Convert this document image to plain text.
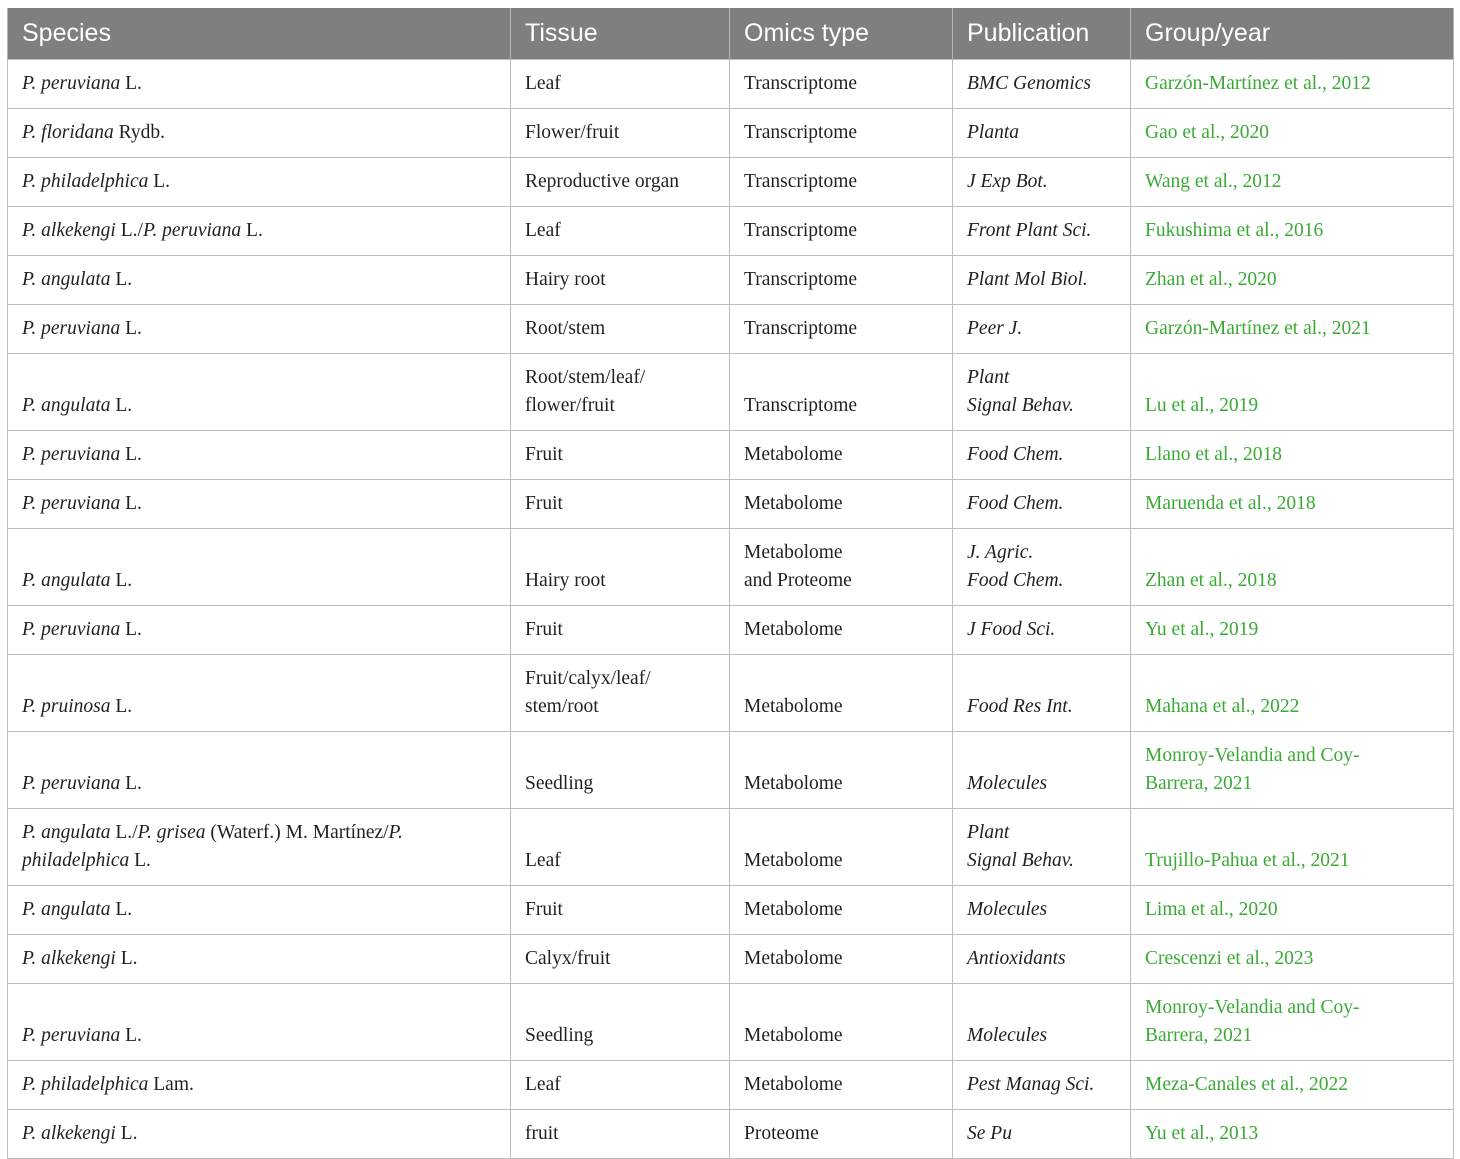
Species	Tissue	Omics type	Publication	Group/year
P. peruviana L.	Leaf	Transcriptome	BMC Genomics	Garzón-Martínez et al., 2012

P. floridana Rydb.	Flower/fruit	Transcriptome	Planta	Gao et al., 2020

P. philadelphica L.	Reproductive organ	Transcriptome	J Exp Bot.	Wang et al., 2012

P. alkekengi L./P. peruviana L.	Leaf	Transcriptome	Front Plant Sci.	Fukushima et al., 2016

P. angulata L.	Hairy root	Transcriptome	Plant Mol Biol.	Zhan et al., 2020

P. peruviana L.	Root/stem	Transcriptome	Peer J.	Garzón-Martínez et al., 2021

P. angulata L.	Root/stem/leaf/
flower/fruit	Transcriptome	Plant
Signal Behav.	Lu et al., 2019

P. peruviana L.	Fruit	Metabolome	Food Chem.	Llano et al., 2018

P. peruviana L.	Fruit	Metabolome	Food Chem.	Maruenda et al., 2018

P. angulata L.	Hairy root	Metabolome
and Proteome	J. Agric.
Food Chem.	Zhan et al., 2018

P. peruviana L.	Fruit	Metabolome	J Food Sci.	Yu et al., 2019

P. pruinosa L.	Fruit/calyx/leaf/
stem/root	Metabolome	Food Res Int.	Mahana et al., 2022

P. peruviana L.	Seedling	Metabolome	Molecules	Monroy-Velandia and Coy-
Barrera, 2021

P. angulata L./P. grisea (Waterf.) M. Martínez/P.
philadelphica L.	Leaf	Metabolome	Plant
Signal Behav.	Trujillo-Pahua et al., 2021

P. angulata L.	Fruit	Metabolome	Molecules	Lima et al., 2020

P. alkekengi L.	Calyx/fruit	Metabolome	Antioxidants	Crescenzi et al., 2023

P. peruviana L.	Seedling	Metabolome	Molecules	Monroy-Velandia and Coy-
Barrera, 2021

P. philadelphica Lam.	Leaf	Metabolome	Pest Manag Sci.	Meza-Canales et al., 2022

P. alkekengi L.	fruit	Proteome	Se Pu	Yu et al., 2013
